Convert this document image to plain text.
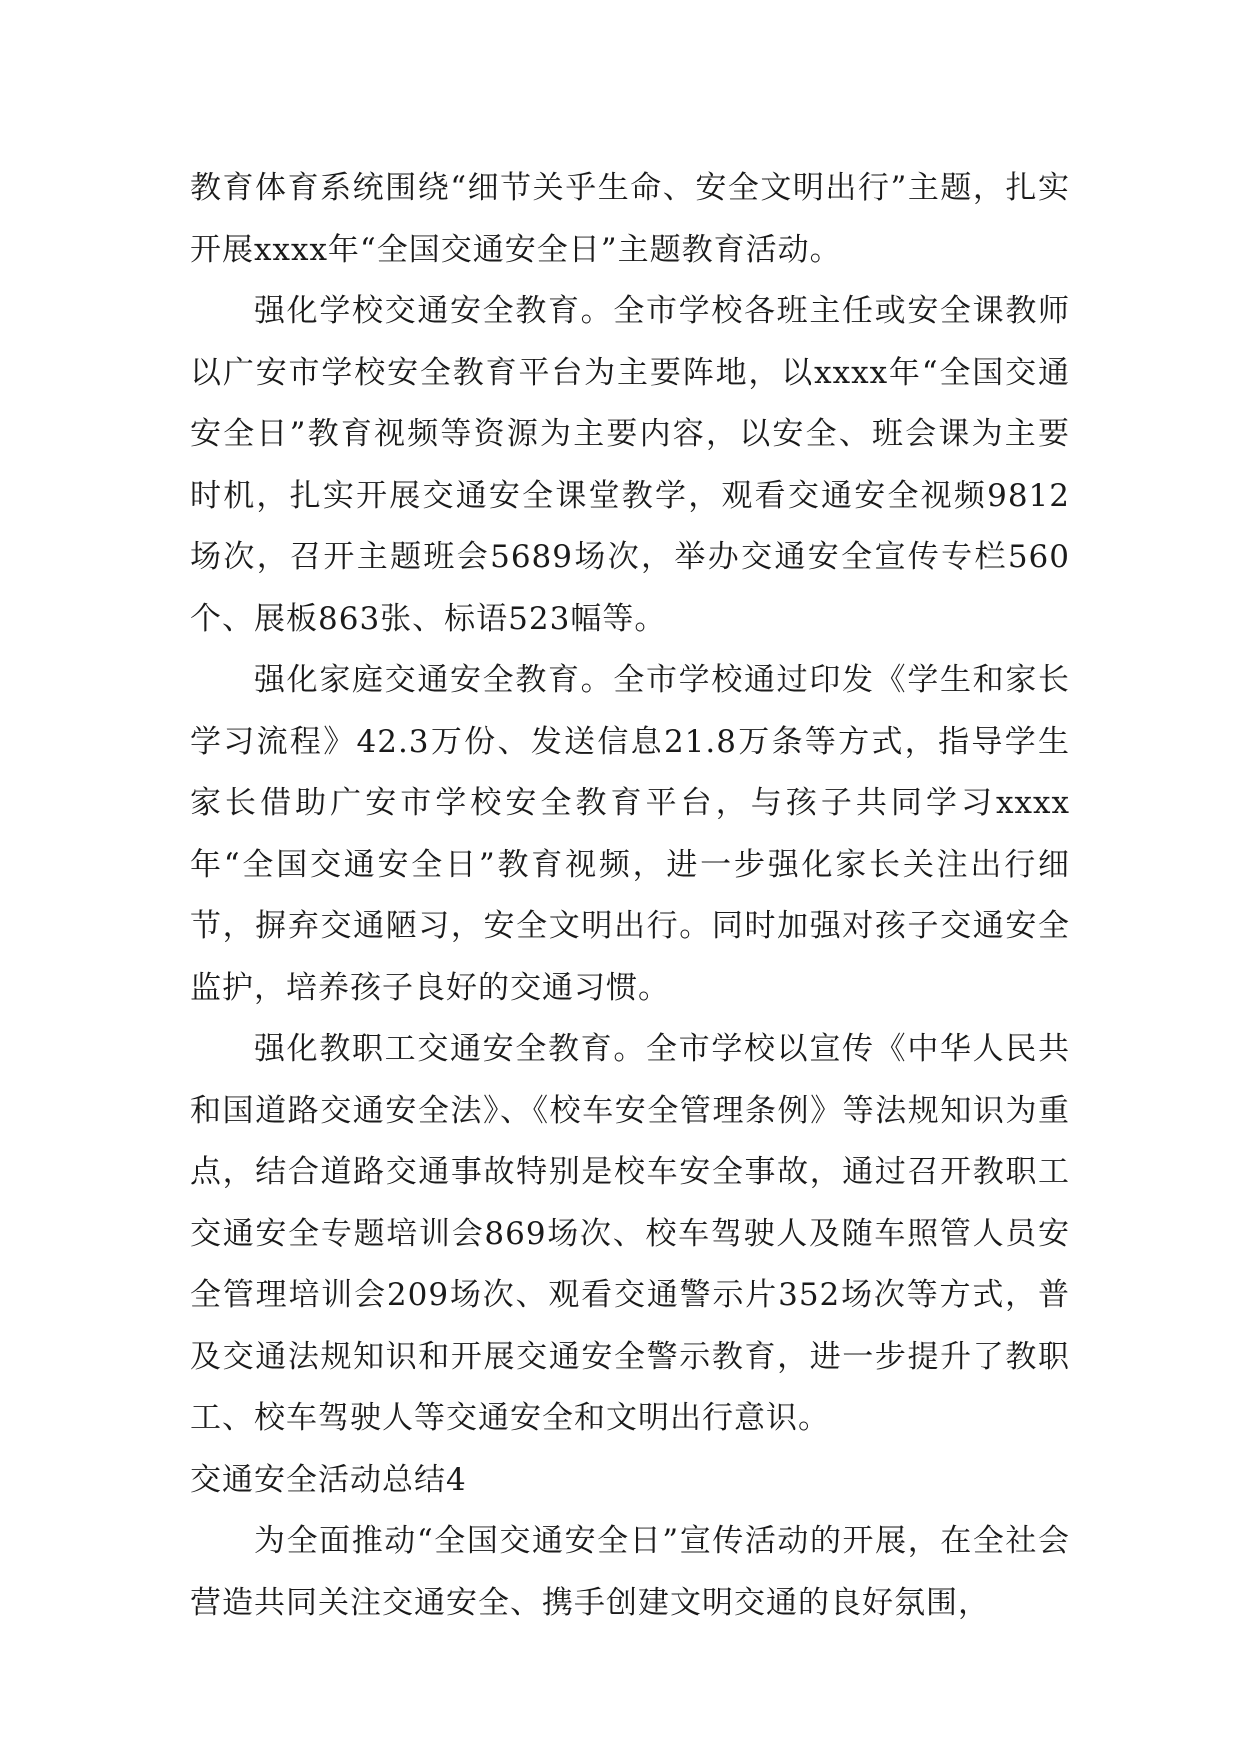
教育体育系统围绕“细节关乎生命、安全文明出行”主题，扎实开展xxxx年“全国交通安全日”主题教育活动。

强化学校交通安全教育。全市学校各班主任或安全课教师以广安市学校安全教育平台为主要阵地，以xxxx年“全国交通安全日”教育视频等资源为主要内容，以安全、班会课为主要时机，扎实开展交通安全课堂教学，观看交通安全视频9812场次，召开主题班会5689场次，举办交通安全宣传专栏560个、展板863张、标语523幅等。

强化家庭交通安全教育。全市学校通过印发《学生和家长学习流程》42.3万份、发送信息21.8万条等方式，指导学生家长借助广安市学校安全教育平台，与孩子共同学习xxxx年“全国交通安全日”教育视频，进一步强化家长关注出行细节，摒弃交通陋习，安全文明出行。同时加强对孩子交通安全监护，培养孩子良好的交通习惯。

强化教职工交通安全教育。全市学校以宣传《中华人民共和国道路交通安全法》、《校车安全管理条例》等法规知识为重点，结合道路交通事故特别是校车安全事故，通过召开教职工交通安全专题培训会869场次、校车驾驶人及随车照管人员安全管理培训会209场次、观看交通警示片352场次等方式，普及交通法规知识和开展交通安全警示教育，进一步提升了教职工、校车驾驶人等交通安全和文明出行意识。

交通安全活动总结4

为全面推动“全国交通安全日”宣传活动的开展，在全社会营造共同关注交通安全、携手创建文明交通的良好氛围，
